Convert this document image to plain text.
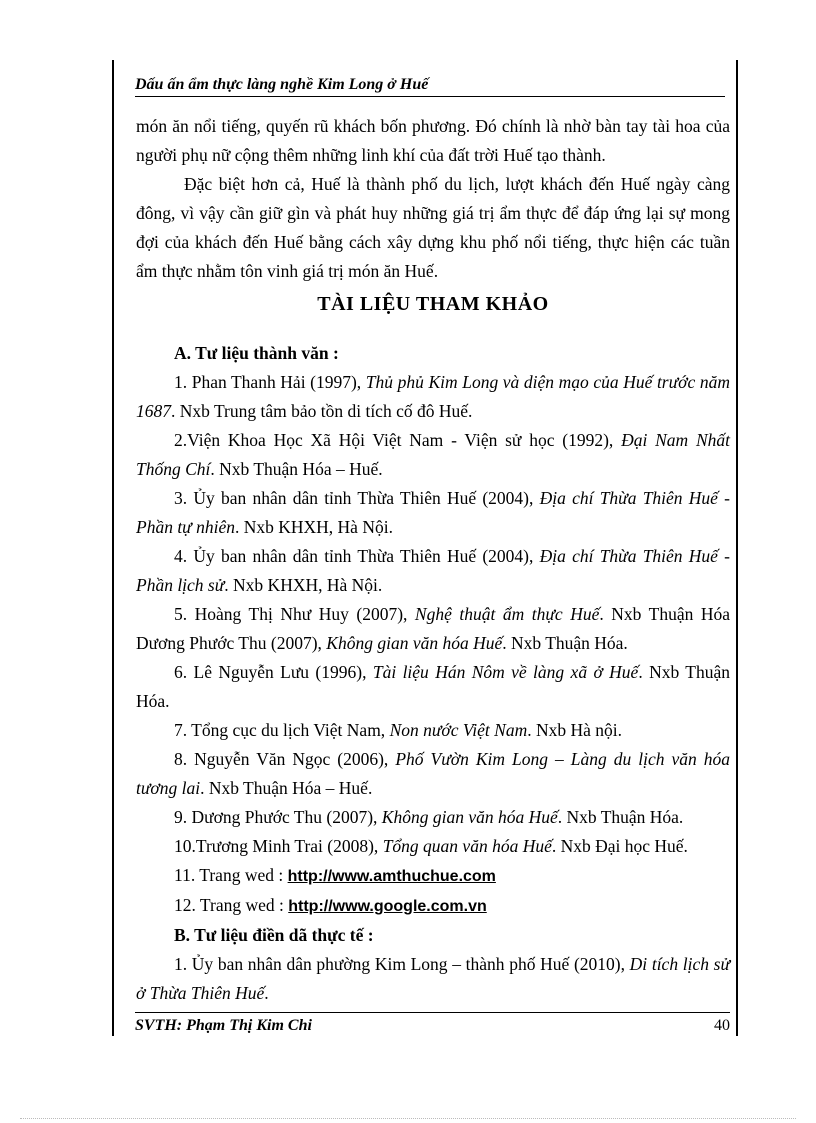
Dấu ấn ẩm thực làng nghề Kim Long ở Huế

món ăn nổi tiếng, quyến rũ khách bốn phương. Đó chính là nhờ bàn tay tài hoa của người phụ nữ cộng thêm những linh khí của đất trời Huế tạo thành.

Đặc biệt hơn cả, Huế là thành phố du lịch, lượt khách đến Huế ngày càng đông, vì vậy cần giữ gìn và phát huy những giá trị ẩm thực để đáp ứng lại sự mong đợi của khách đến Huế bằng cách xây dựng khu phố nổi tiếng, thực hiện các tuần ẩm thực nhằm tôn vinh giá trị món ăn Huế.

TÀI LIỆU THAM KHẢO

A. Tư liệu thành văn :

1. Phan Thanh Hải (1997), Thủ phủ Kim Long và diện mạo của Huế trước năm 1687. Nxb Trung tâm bảo tồn di tích cố đô Huế.

2.Viện Khoa Học Xã Hội Việt Nam - Viện sử học (1992), Đại Nam Nhất Thống Chí. Nxb Thuận Hóa – Huế.

3. Ủy ban nhân dân tỉnh Thừa Thiên Huế (2004), Địa chí Thừa Thiên Huế - Phần tự nhiên. Nxb KHXH, Hà Nội.

4. Ủy ban nhân dân tỉnh Thừa Thiên Huế (2004), Địa chí Thừa Thiên Huế - Phần lịch sử. Nxb KHXH, Hà Nội.

5. Hoàng Thị Như Huy (2007), Nghệ thuật ẩm thực Huế. Nxb Thuận Hóa Dương Phước Thu (2007), Không gian văn hóa Huế. Nxb Thuận Hóa.

6. Lê Nguyễn Lưu (1996), Tài liệu Hán Nôm về làng xã ở Huế. Nxb Thuận Hóa.

7. Tổng cục du lịch Việt Nam, Non nước Việt Nam. Nxb Hà nội.

8. Nguyễn Văn Ngọc (2006), Phố Vườn Kim Long – Làng du lịch văn hóa tương lai. Nxb Thuận Hóa – Huế.

9. Dương Phước Thu (2007), Không gian văn hóa Huế. Nxb Thuận Hóa.

10.Trương Minh Trai (2008), Tổng quan văn hóa Huế. Nxb Đại học Huế.

11. Trang wed : http://www.amthuchue.com

12. Trang wed : http://www.google.com.vn

B. Tư liệu điền dã thực tế :

1. Ủy ban nhân dân phường Kim Long – thành phố Huế (2010), Di tích lịch sử ở Thừa Thiên Huế.

SVTH: Phạm Thị Kim Chi	40
